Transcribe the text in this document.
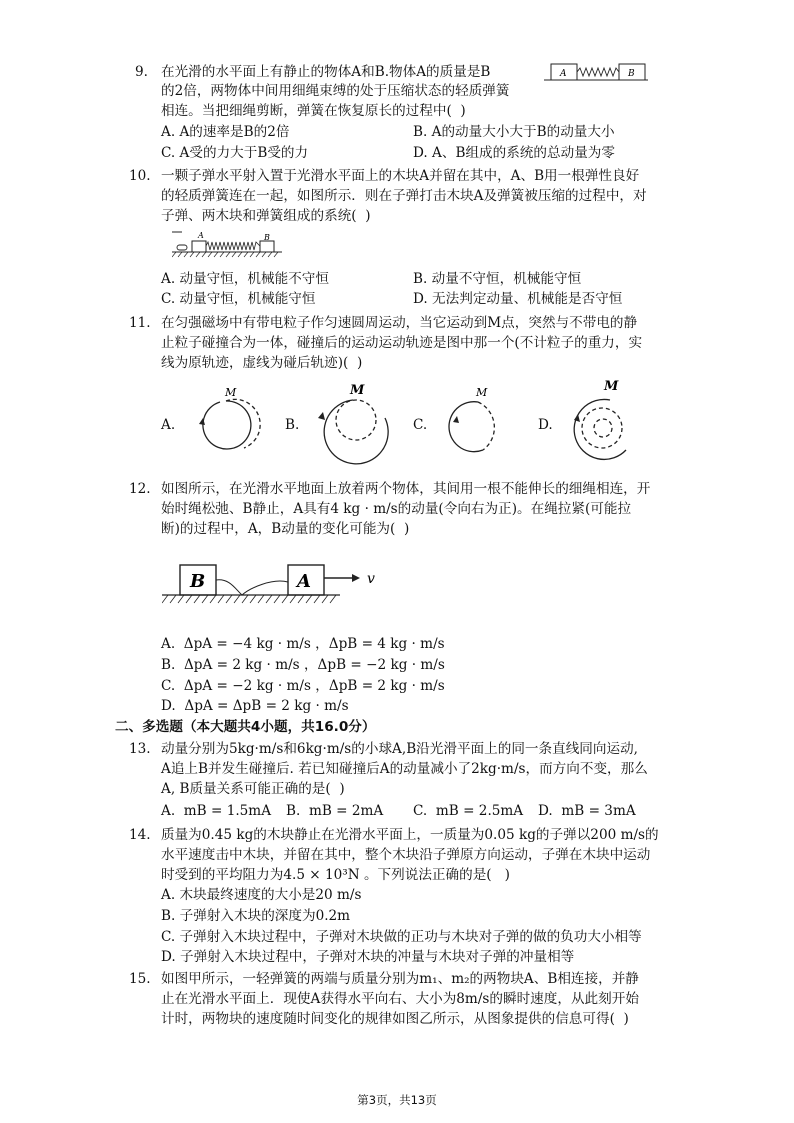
9. 在光滑的水平面上有静止的物体A和B.物体A的质量是B
的2倍，两物体中间用细绳束缚的处于压缩状态的轻质弹簧
相连。当把细绳剪断，弹簧在恢复原长的过程中(  )
A	B
A. A的速率是B的2倍	B. A的动量大小大于B的动量大小
C. A受的力大于B受的力	D. A、B组成的系统的总动量为零
10. 一颗子弹水平射入置于光滑水平面上的木块A并留在其中，A、B用一根弹性良好
的轻质弹簧连在一起，如图所示．则在子弹打击木块A及弹簧被压缩的过程中，对
子弹、两木块和弹簧组成的系统(  )
A	B
A. 动量守恒，机械能不守恒	B. 动量不守恒，机械能守恒
C. 动量守恒，机械能守恒	D. 无法判定动量、机械能是否守恒
11. 在匀强磁场中有带电粒子作匀速圆周运动，当它运动到M点，突然与不带电的静
止粒子碰撞合为一体，碰撞后的运动运动轨迹是图中那一个(不计粒子的重力，实
线为原轨迹，虚线为碰后轨迹)(  )
A.
M
B.
M
C.
M
D.
M
12. 如图所示，在光滑水平地面上放着两个物体，其间用一根不能伸长的细绳相连，开
始时绳松弛、B静止，A具有4 kg · m/s的动量(令向右为正)。在绳拉紧(可能拉
断)的过程中，A，B动量的变化可能为(  )
B	A	v
A.  ΔpA = −4 kg · m/s ，ΔpB = 4 kg · m/s
B.  ΔpA = 2 kg · m/s ，ΔpB = −2 kg · m/s
C.  ΔpA = −2 kg · m/s ，ΔpB = 2 kg · m/s
D.  ΔpA = ΔpB = 2 kg · m/s
二、多选题（本大题共4小题，共16.0分）
13. 动量分别为5kg·m/s和6kg·m/s的小球A,B沿光滑平面上的同一条直线同向运动,
A追上B并发生碰撞后. 若已知碰撞后A的动量减小了2kg·m/s，而方向不变，那么
A, B质量关系可能正确的是(  )
A.  mB = 1.5mA B.  mB = 2mA C.  mB = 2.5mA D.  mB = 3mA
14. 质量为0.45 kg的木块静止在光滑水平面上，一质量为0.05 kg的子弹以200 m/s的
水平速度击中木块，并留在其中，整个木块沿子弹原方向运动，子弹在木块中运动
时受到的平均阻力为4.5 × 10³N 。下列说法正确的是(   )
A. 木块最终速度的大小是20 m/s
B. 子弹射入木块的深度为0.2m
C. 子弹射入木块过程中，子弹对木块做的正功与木块对子弹的做的负功大小相等
D. 子弹射入木块过程中，子弹对木块的冲量与木块对子弹的冲量相等
15. 如图甲所示，一轻弹簧的两端与质量分别为m₁、m₂的两物块A、B相连接，并静
止在光滑水平面上．现使A获得水平向右、大小为8m/s的瞬时速度，从此刻开始
计时，两物块的速度随时间变化的规律如图乙所示，从图象提供的信息可得(  )
第3页，共13页
